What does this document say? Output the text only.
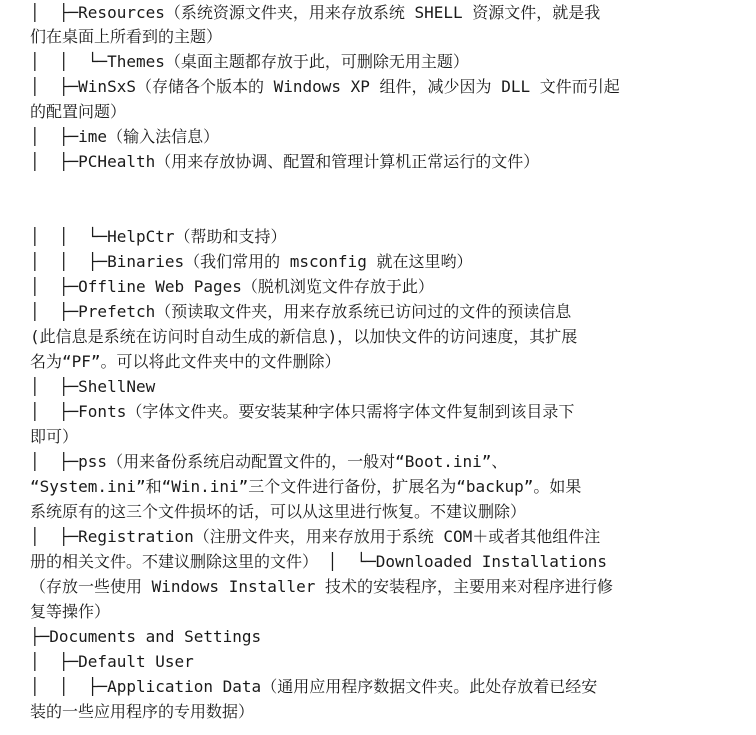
│  ├─Resources（系统资源文件夹，用来存放系统 SHELL 资源文件，就是我
们在桌面上所看到的主题）
│  │  └─Themes（桌面主题都存放于此，可删除无用主题）
│  ├─WinSxS（存储各个版本的 Windows XP 组件，减少因为 DLL 文件而引起
的配置问题）
│  ├─ime（输入法信息）
│  ├─PCHealth（用来存放协调、配置和管理计算机正常运行的文件）
│  │  └─HelpCtr（帮助和支持）
│  │  ├─Binaries（我们常用的 msconfig 就在这里哟）
│  ├─Offline Web Pages（脱机浏览文件存放于此）
│  ├─Prefetch（预读取文件夹，用来存放系统已访问过的文件的预读信息
(此信息是系统在访问时自动生成的新信息)，以加快文件的访问速度，其扩展
名为“PF”。可以将此文件夹中的文件删除）
│  ├─ShellNew
│  ├─Fonts（字体文件夹。要安装某种字体只需将字体文件复制到该目录下
即可）
│  ├─pss（用来备份系统启动配置文件的，一般对“Boot.ini”、
“System.ini”和“Win.ini”三个文件进行备份，扩展名为“backup”。如果
系统原有的这三个文件损坏的话，可以从这里进行恢复。不建议删除）
│  ├─Registration（注册文件夹，用来存放用于系统 COM＋或者其他组件注
册的相关文件。不建议删除这里的文件） │  └─Downloaded Installations
（存放一些使用 Windows Installer 技术的安装程序，主要用来对程序进行修
复等操作）
├─Documents and Settings
│  ├─Default User
│  │  ├─Application Data（通用应用程序数据文件夹。此处存放着已经安
装的一些应用程序的专用数据）
